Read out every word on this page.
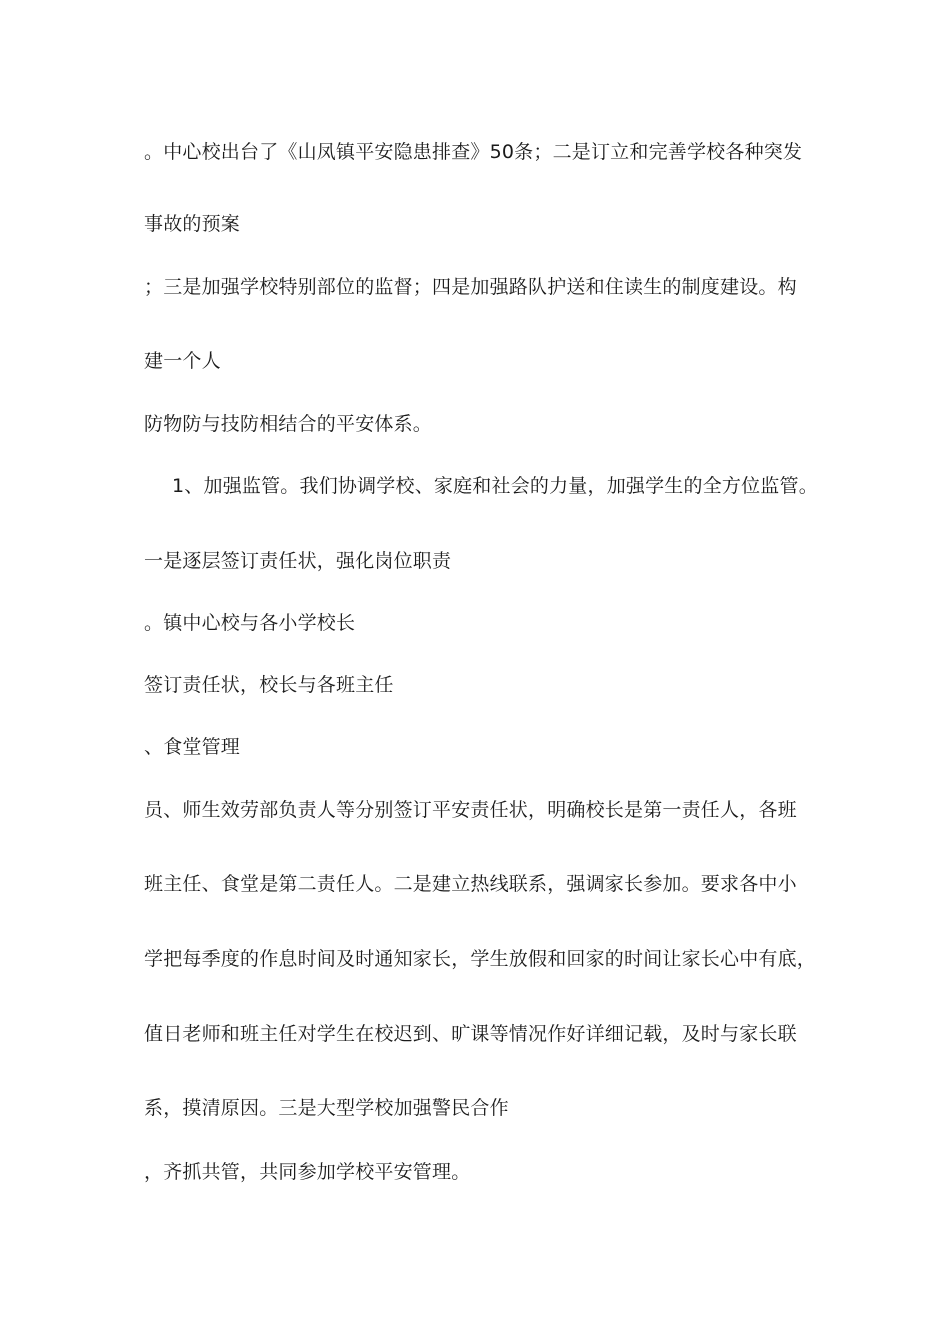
。中心校出台了《山凤镇平安隐患排查》50条；二是订立和完善学校各种突发
事故的预案
；三是加强学校特别部位的监督；四是加强路队护送和住读生的制度建设。构
建一个人
防物防与技防相结合的平安体系。
1、加强监管。我们协调学校、家庭和社会的力量，加强学生的全方位监管。
一是逐层签订责任状，强化岗位职责
。镇中心校与各小学校长
签订责任状，校长与各班主任
、食堂管理
员、师生效劳部负责人等分别签订平安责任状，明确校长是第一责任人，各班
班主任、食堂是第二责任人。二是建立热线联系，强调家长参加。要求各中小
学把每季度的作息时间及时通知家长，学生放假和回家的时间让家长心中有底，
值日老师和班主任对学生在校迟到、旷课等情况作好详细记载，及时与家长联
系，摸清原因。三是大型学校加强警民合作
，齐抓共管，共同参加学校平安管理。
